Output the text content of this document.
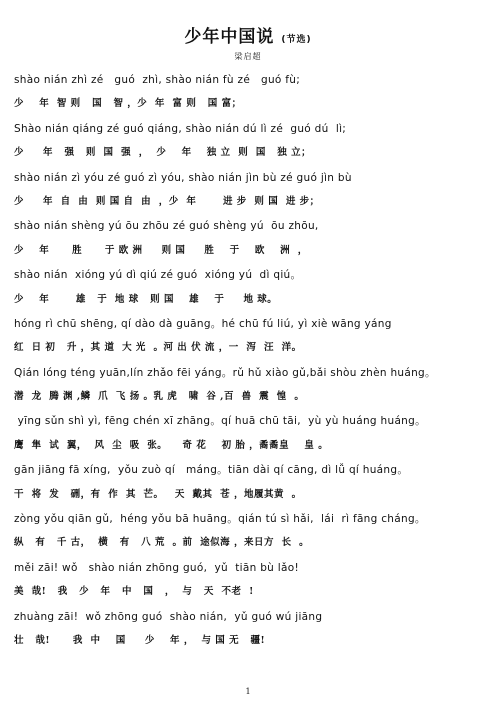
少年中国说 (节选)
梁启超
shào nián zhì zé   guó  zhì, shào nián fù zé   guó fù;
少    年  智 则   国   智 ，少  年  富 则   国 富；
Shào nián qiáng zé guó qiáng, shào nián dú lì zé  guó dú  lì;
少     年   强   则  国  强  ，  少    年    独 立  则  国   独 立；
shào nián zì yóu zé guó zì yóu, shào nián jìn bù zé guó jìn bù
少     年  自  由  则 国 自  由  ，少  年       进 步  则 国  进 步；
shào nián shèng yú ōu zhōu zé guó shèng yú  ōu zhōu,
少    年      胜      于 欧 洲     则 国     胜    于    欧    洲  ，
shào nián  xióng yú dì qiú zé guó  xióng yú  dì qiú。
少    年       雄   于  地 球   则 国    雄    于     地 球。
hóng rì chū shēng, qí dào dà guāng。hé chū fú liú, yì xiè wāng yáng
红  日 初   升 ，其 道  大 光  。河 出 伏 流 ，一  泻  汪  洋。
Qián lóng téng yuān,lín zhǎo fēi yáng。rǔ hǔ xiào gǔ,bǎi shòu zhèn huáng。
潜  龙  腾 渊 ,鳞  爪  飞 扬 。乳 虎   啸  谷 ,百  兽  震  惶  。
yīng sǔn shì yì, fēng chén xī zhāng。qí huā chū tāi,  yù yù huáng huáng。
鹰  隼  试  翼，  风  尘  吸  张。    奇 花    初 胎 ，矞矞皇    皇 。
gān jiāng fā xíng,  yǒu zuò qí   máng。tiān dài qí cāng, dì lǚ qí huáng。
干  将  发   硎，有  作  其  芒。   天  戴其  苍 ，地履其黄  。
zòng yǒu qiān gǔ,  héng yǒu bā huāng。qián tú sì hǎi,  lái  rì fāng cháng。
纵   有   千 古，  横   有   八 荒  。前  途似海 ，来日方  长  。
měi zāi! wǒ   shào nián zhōng guó,  yǔ  tiān bù lǎo!
美  哉!   我   少   年   中   国   ，  与   天  不老  !
zhuàng zāi!  wǒ zhōng guó  shào nián,  yǔ guó wú jiāng
壮   哉!      我  中    国     少    年 ，  与 国 无   疆!
1
